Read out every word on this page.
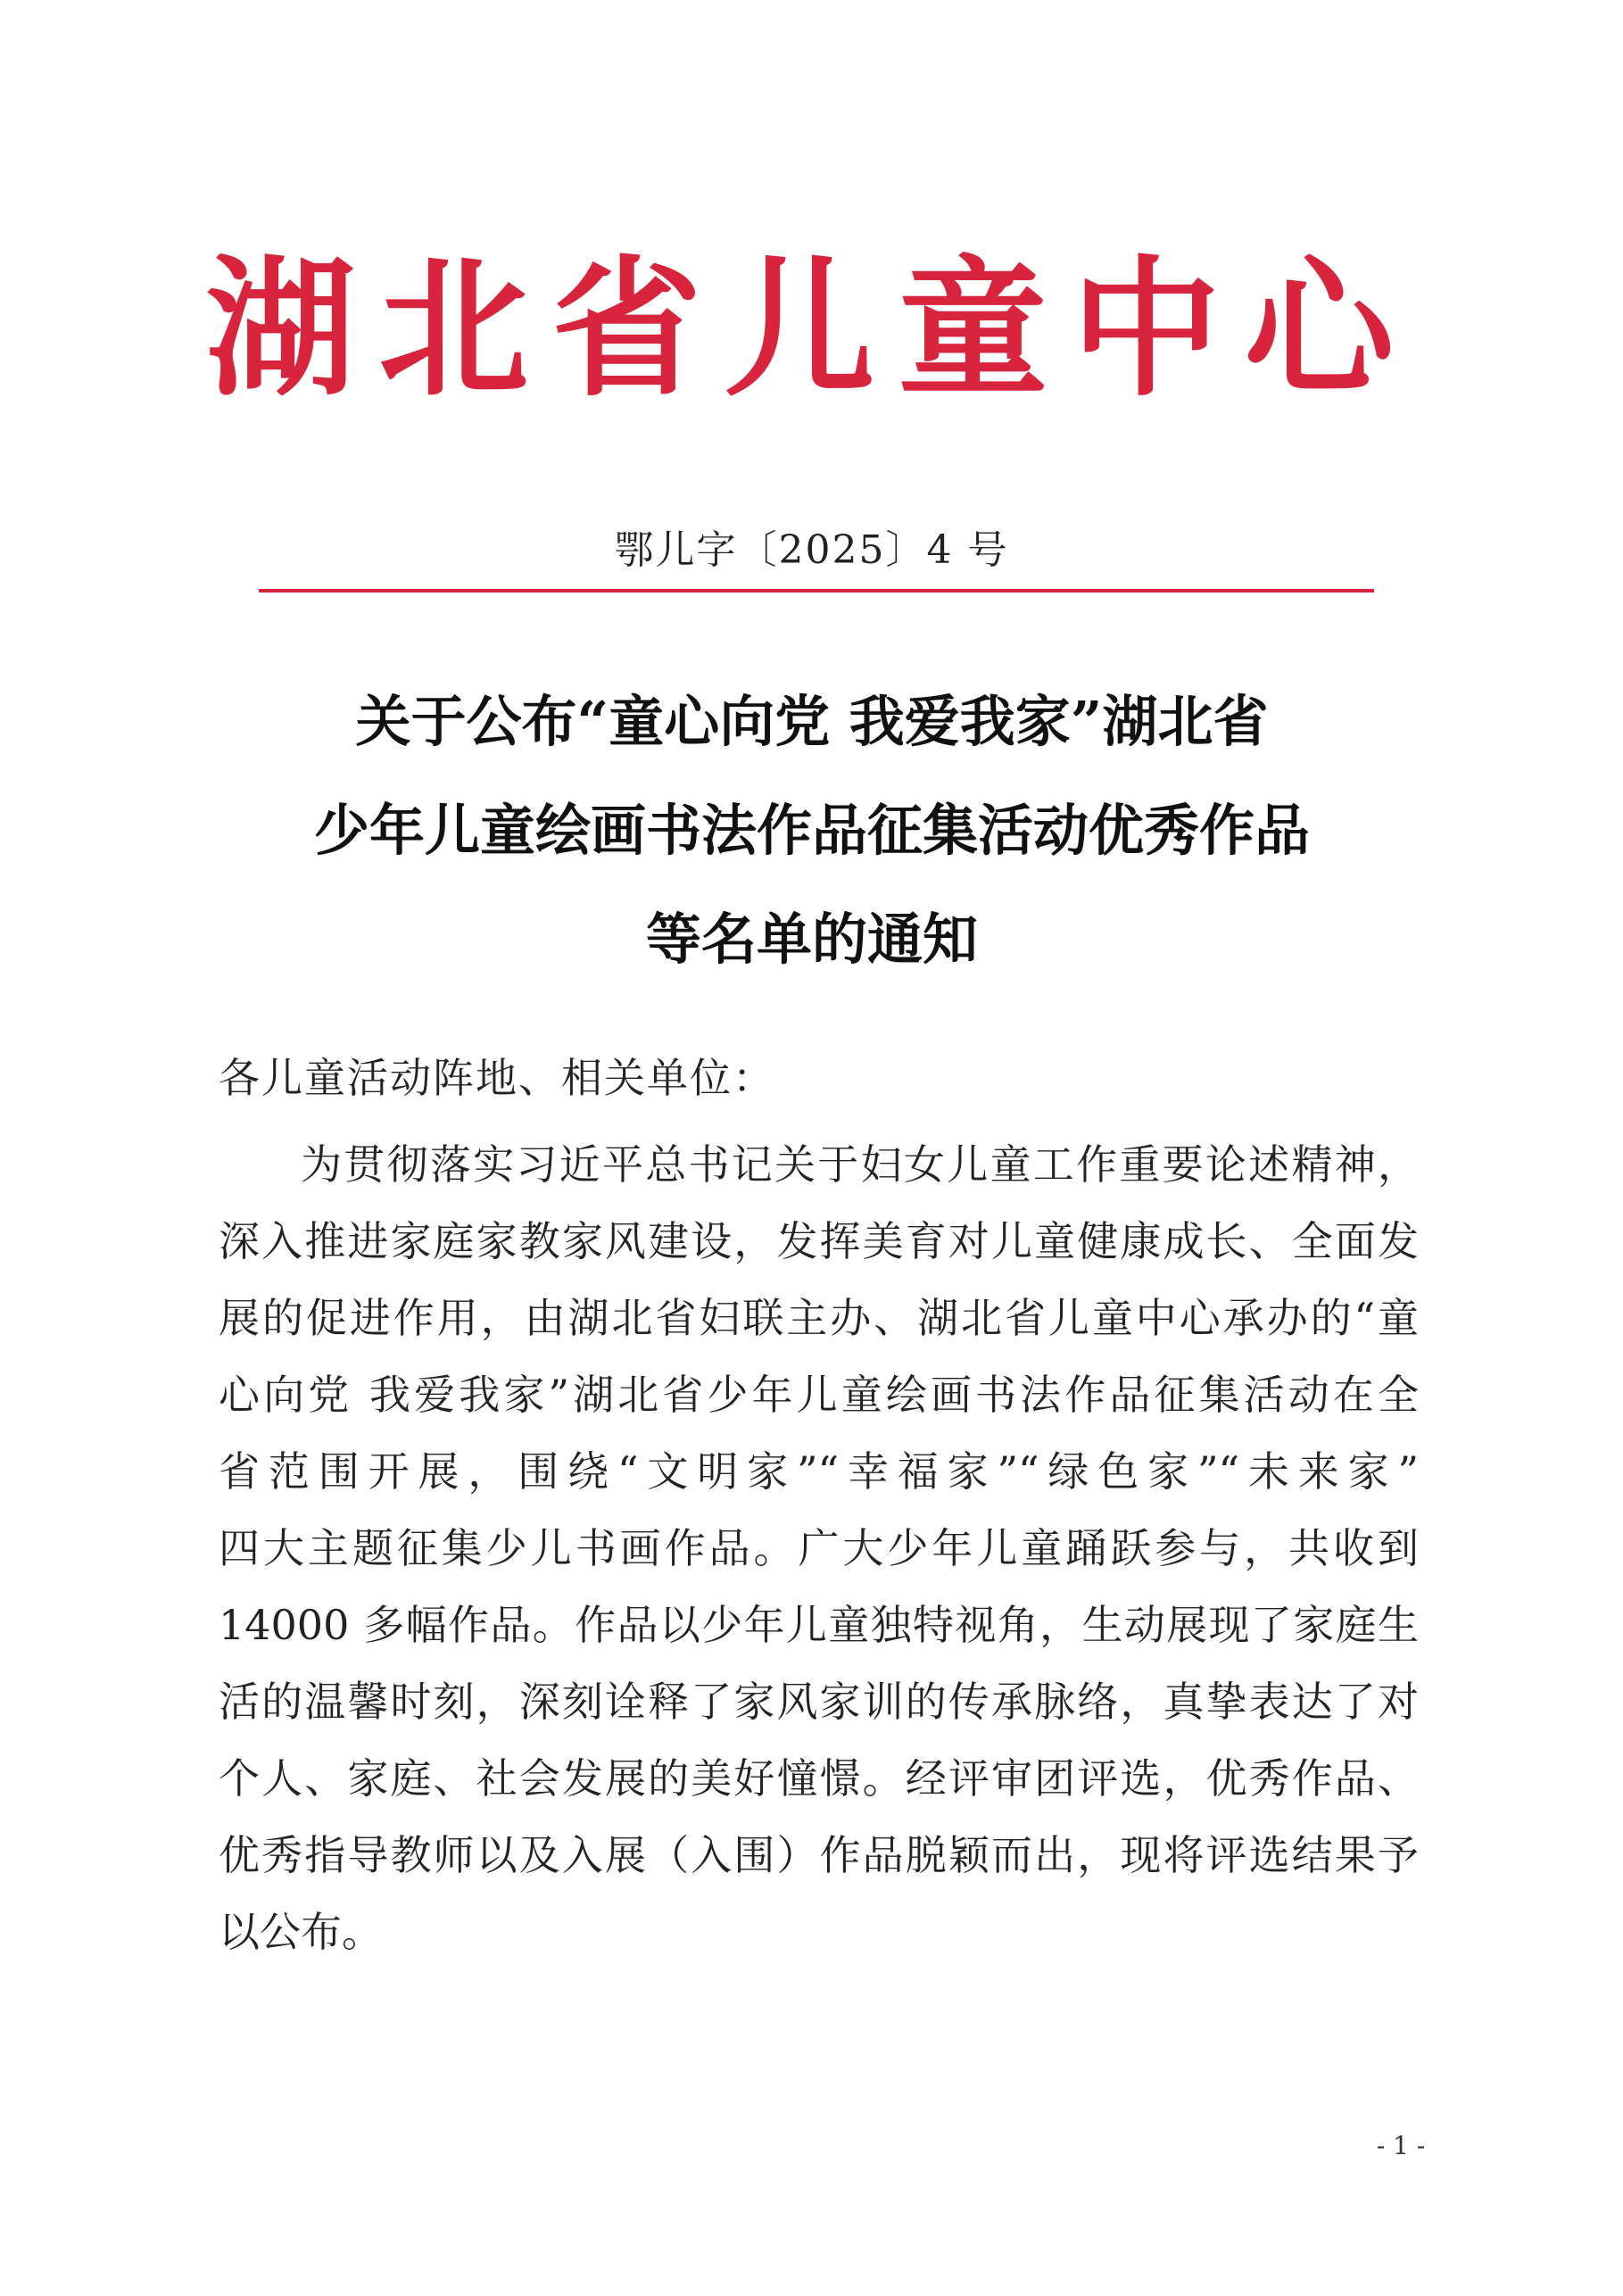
湖北省儿童中心
鄂儿字〔2025〕4 号
关于公布“童心向党 我爱我家”湖北省
少年儿童绘画书法作品征集活动优秀作品
等名单的通知
各儿童活动阵地、相关单位：
为贯彻落实习近平总书记关于妇女儿童工作重要论述精神，
深入推进家庭家教家风建设，发挥美育对儿童健康成长、全面发
展的促进作用，由湖北省妇联主办、湖北省儿童中心承办的“童
心向党 我爱我家”湖北省少年儿童绘画书法作品征集活动在全
省范围开展，围绕“文明家”“幸福家”“绿色家”“未来家”
四大主题征集少儿书画作品。广大少年儿童踊跃参与，共收到
14000 多幅作品。作品以少年儿童独特视角，生动展现了家庭生
活的温馨时刻，深刻诠释了家风家训的传承脉络，真挚表达了对
个人、家庭、社会发展的美好憧憬。经评审团评选，优秀作品、
优秀指导教师以及入展（入围）作品脱颖而出，现将评选结果予
以公布。
- 1 -
